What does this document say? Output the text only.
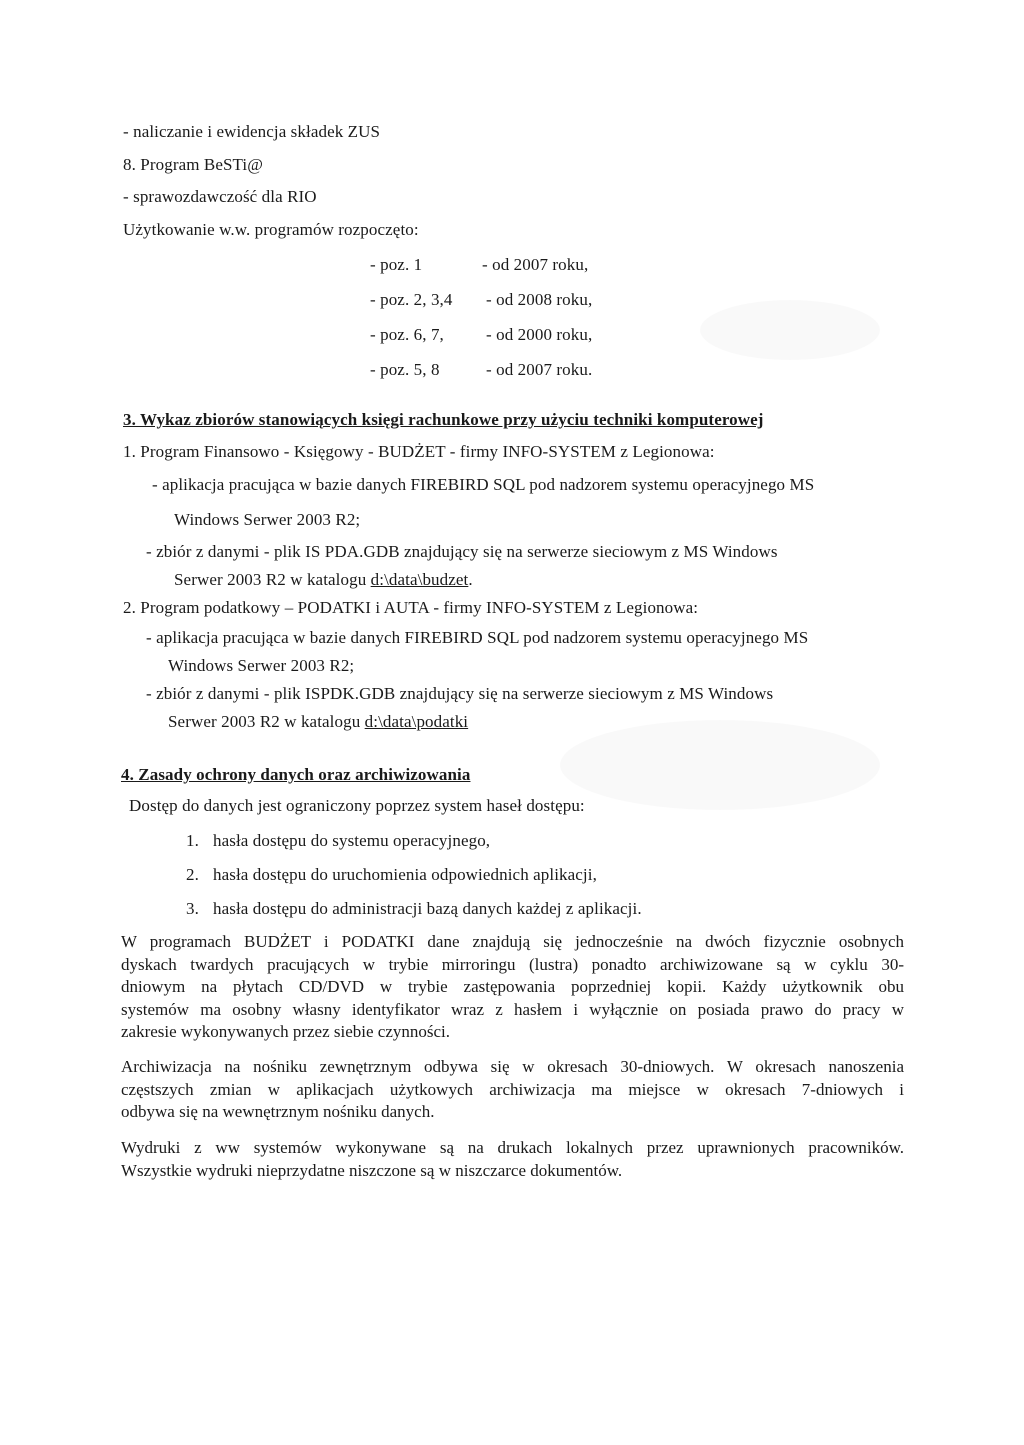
- naliczanie i ewidencja składek ZUS
8. Program BeSTi@
- sprawozdawczość dla RIO
Użytkowanie w.w. programów rozpoczęto:
- poz. 1	- od 2007 roku,
- poz. 2, 3,4 - od 2008 roku,
- poz. 6, 7, - od 2000 roku,
- poz. 5, 8	- od 2007 roku.
3. Wykaz zbiorów stanowiących księgi rachunkowe przy użyciu techniki komputerowej
1. Program Finansowo - Księgowy - BUDŻET - firmy INFO-SYSTEM z Legionowa:
- aplikacja pracująca w bazie danych FIREBIRD SQL pod nadzorem systemu operacyjnego MS
Windows Serwer 2003 R2;
- zbiór z danymi - plik IS PDA.GDB znajdujący się na serwerze sieciowym z MS Windows
Serwer 2003 R2 w katalogu d:\data\budzet.
2. Program podatkowy – PODATKI i AUTA - firmy INFO-SYSTEM z Legionowa:
- aplikacja pracująca w bazie danych FIREBIRD SQL pod nadzorem systemu operacyjnego MS
Windows Serwer 2003 R2;
- zbiór z danymi - plik ISPDK.GDB znajdujący się na serwerze sieciowym z MS Windows
Serwer 2003 R2 w katalogu d:\data\podatki
4. Zasady ochrony danych oraz archiwizowania
Dostęp do danych jest ograniczony poprzez system haseł dostępu:
1. hasła dostępu do systemu operacyjnego,
2. hasła dostępu do uruchomienia odpowiednich aplikacji,
3. hasła dostępu do administracji bazą danych każdej z aplikacji.
W programach BUDŻET i PODATKI dane znajdują się jednocześnie na dwóch fizycznie osobnych
dyskach twardych pracujących w trybie mirroringu (lustra) ponadto archiwizowane są w cyklu 30-
dniowym na płytach CD/DVD w trybie zastępowania poprzedniej kopii. Każdy użytkownik obu
systemów ma osobny własny identyfikator wraz z hasłem i wyłącznie on posiada prawo do pracy w
zakresie wykonywanych przez siebie czynności.
Archiwizacja na nośniku zewnętrznym odbywa się w okresach 30-dniowych. W okresach nanoszenia
częstszych zmian w aplikacjach użytkowych archiwizacja ma miejsce w okresach 7-dniowych i
odbywa się na wewnętrznym nośniku danych.
Wydruki z ww systemów wykonywane są na drukach lokalnych przez uprawnionych pracowników.
Wszystkie wydruki nieprzydatne niszczone są w niszczarce dokumentów.
